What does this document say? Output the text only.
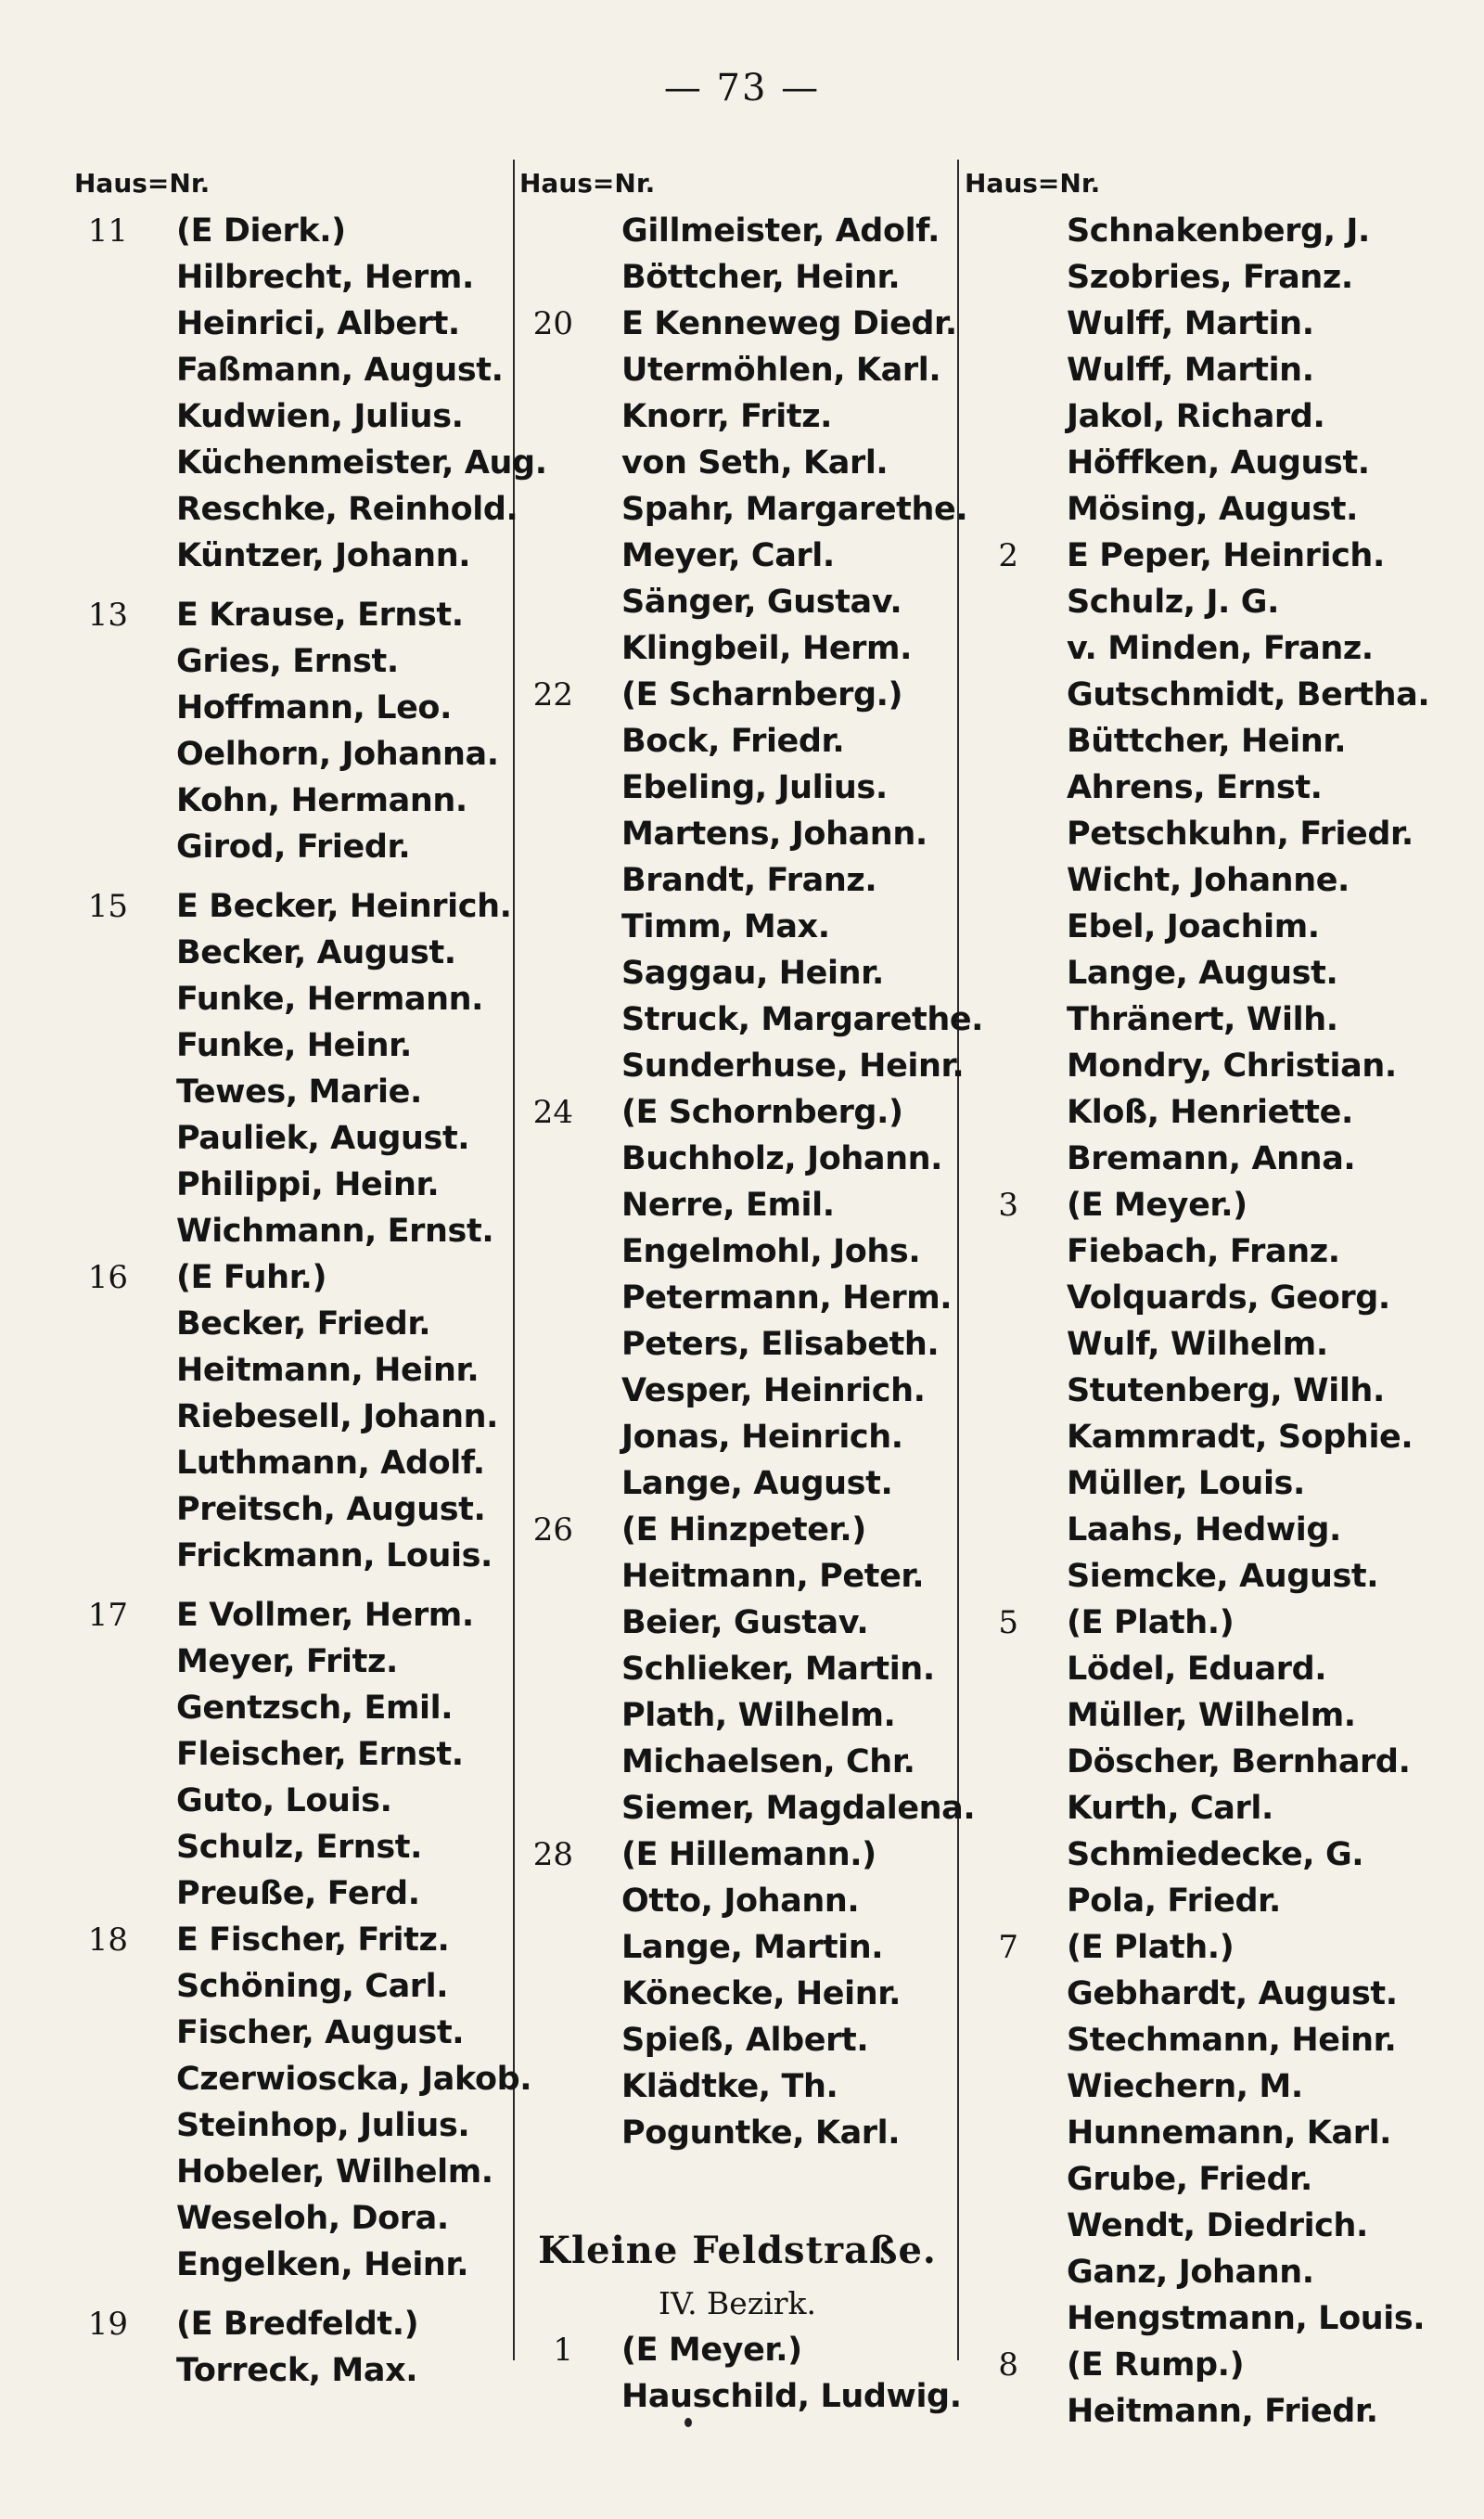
— 73 —
Haus=Nr.
11 (E Dierk.)
Hilbrecht, Herm.
Heinrici, Albert.
Faßmann, August.
Kudwien, Julius.
Küchenmeister, Aug.
Reschke, Reinhold.
Küntzer, Johann.
13 E Krause, Ernst.
Gries, Ernst.
Hoffmann, Leo.
Oelhorn, Johanna.
Kohn, Hermann.
Girod, Friedr.
15 E Becker, Heinrich.
Becker, August.
Funke, Hermann.
Funke, Heinr.
Tewes, Marie.
Pauliek, August.
Philippi, Heinr.
Wichmann, Ernst.
16 (E Fuhr.)
Becker, Friedr.
Heitmann, Heinr.
Riebesell, Johann.
Luthmann, Adolf.
Preitsch, August.
Frickmann, Louis.
17 E Vollmer, Herm.
Meyer, Fritz.
Gentzsch, Emil.
Fleischer, Ernst.
Guto, Louis.
Schulz, Ernst.
Preuße, Ferd.
18 E Fischer, Fritz.
Schöning, Carl.
Fischer, August.
Czerwioscka, Jakob.
Steinhop, Julius.
Hobeler, Wilhelm.
Weseloh, Dora.
Engelken, Heinr.
19 (E Bredfeldt.)
Torreck, Max.
Haus=Nr.
Gillmeister, Adolf.
Böttcher, Heinr.
20 E Kenneweg Diedr.
Utermöhlen, Karl.
Knorr, Fritz.
von Seth, Karl.
Spahr, Margarethe.
Meyer, Carl.
Sänger, Gustav.
Klingbeil, Herm.
22 (E Scharnberg.)
Bock, Friedr.
Ebeling, Julius.
Martens, Johann.
Brandt, Franz.
Timm, Max.
Saggau, Heinr.
Struck, Margarethe.
Sunderhuse, Heinr.
24 (E Schornberg.)
Buchholz, Johann.
Nerre, Emil.
Engelmohl, Johs.
Petermann, Herm.
Peters, Elisabeth.
Vesper, Heinrich.
Jonas, Heinrich.
Lange, August.
26 (E Hinzpeter.)
Heitmann, Peter.
Beier, Gustav.
Schlieker, Martin.
Plath, Wilhelm.
Michaelsen, Chr.
Siemer, Magdalena.
28 (E Hillemann.)
Otto, Johann.
Lange, Martin.
Könecke, Heinr.
Spieß, Albert.
Klädtke, Th.
Poguntke, Karl.
Kleine Feldstraße.
IV. Bezirk.
1 (E Meyer.)
Hauschild, Ludwig.
Haus=Nr.
Schnakenberg, J.
Szobries, Franz.
Wulff, Martin.
Wulff, Martin.
Jakol, Richard.
Höffken, August.
Mösing, August.
2 E Peper, Heinrich.
Schulz, J. G.
v. Minden, Franz.
Gutschmidt, Bertha.
Büttcher, Heinr.
Ahrens, Ernst.
Petschkuhn, Friedr.
Wicht, Johanne.
Ebel, Joachim.
Lange, August.
Thränert, Wilh.
Mondry, Christian.
Kloß, Henriette.
Bremann, Anna.
3 (E Meyer.)
Fiebach, Franz.
Volquards, Georg.
Wulf, Wilhelm.
Stutenberg, Wilh.
Kammradt, Sophie.
Müller, Louis.
Laahs, Hedwig.
Siemcke, August.
5 (E Plath.)
Lödel, Eduard.
Müller, Wilhelm.
Döscher, Bernhard.
Kurth, Carl.
Schmiedecke, G.
Pola, Friedr.
7 (E Plath.)
Gebhardt, August.
Stechmann, Heinr.
Wiechern, M.
Hunnemann, Karl.
Grube, Friedr.
Wendt, Diedrich.
Ganz, Johann.
Hengstmann, Louis.
8 (E Rump.)
Heitmann, Friedr.
